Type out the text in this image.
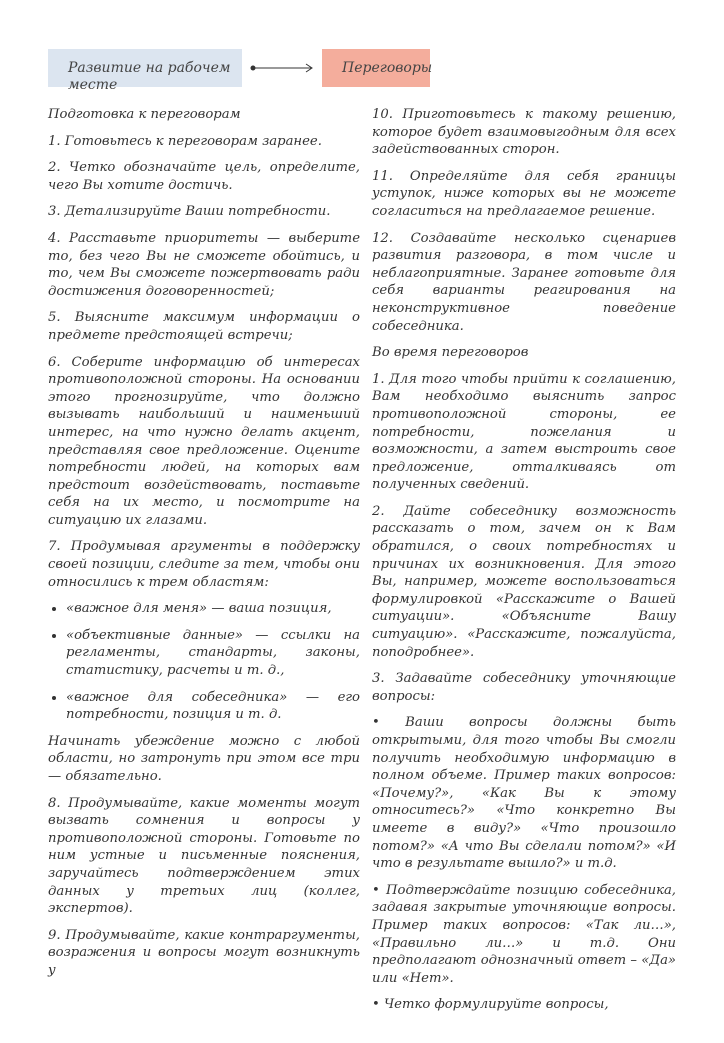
Развитие на рабочем месте
Переговоры
Подготовка к переговорам

1. Готовьтесь к переговорам заранее.

2. Четко обозначайте цель, определите, чего Вы хотите достичь.

3. Детализируйте Ваши потребности.

4. Расставьте приоритеты — выберите то, без чего Вы не сможете обойтись, и то, чем Вы сможете пожертвовать ради достижения договоренностей;

5. Выясните максимум информации о предмете предстоящей встречи;

6. Соберите информацию об интересах противоположной стороны. На основании этого прогнозируйте, что должно вызывать наибольший и наименьший интерес, на что нужно делать акцент, представляя свое предложение. Оцените потребности людей, на которых вам предстоит воздействовать, поставьте себя на их место, и посмотрите на ситуацию их глазами.

7. Продумывая аргументы в поддержку своей позиции, следите за тем, чтобы они относились к трем областям:

• «важное для меня» — ваша позиция,
• «объективные данные» — ссылки на регламенты, стандарты, законы, статистику, расчеты и т. д.,
• «важное для собеседника» — его потребности, позиция и т. д.

Начинать убеждение можно с любой области, но затронуть при этом все три — обязательно.

8. Продумывайте, какие моменты могут вызвать сомнения и вопросы у противоположной стороны. Готовьте по ним устные и письменные пояснения, заручайтесь подтверждением этих данных у третьих лиц (коллег, экспертов).

9. Продумывайте, какие контраргументы, возражения и вопросы могут возникнуть у

10. Приготовьтесь к такому решению, которое будет взаимовыгодным для всех задействованных сторон.

11. Определяйте для себя границы уступок, ниже которых вы не можете согласиться на предлагаемое решение.

12. Создавайте несколько сценариев развития разговора, в том числе и неблагоприятные. Заранее готовьте для себя варианты реагирования на неконструктивное поведение собеседника.

Во время переговоров

1. Для того чтобы прийти к соглашению, Вам необходимо выяснить запрос противоположной стороны, ее потребности, пожелания и возможности, а затем выстроить свое предложение, отталкиваясь от полученных сведений.

2. Дайте собеседнику возможность рассказать о том, зачем он к Вам обратился, о своих потребностях и причинах их возникновения. Для этого Вы, например, можете воспользоваться формулировкой «Расскажите о Вашей ситуации». «Объясните Вашу ситуацию». «Расскажите, пожалуйста, поподробнее».

3. Задавайте собеседнику уточняющие вопросы:

• Ваши вопросы должны быть открытыми, для того чтобы Вы смогли получить необходимую информацию в полном объеме. Пример таких вопросов: «Почему?», «Как Вы к этому относитесь?» «Что конкретно Вы имеете в виду?» «Что произошло потом?» «А что Вы сделали потом?» «И что в результате вышло?» и т.д.

• Подтверждайте позицию собеседника, задавая закрытые уточняющие вопросы. Пример таких вопросов: «Так ли…», «Правильно ли…» и т.д. Они предполагают однозначный ответ – «Да» или «Нет».

• Четко формулируйте вопросы,
